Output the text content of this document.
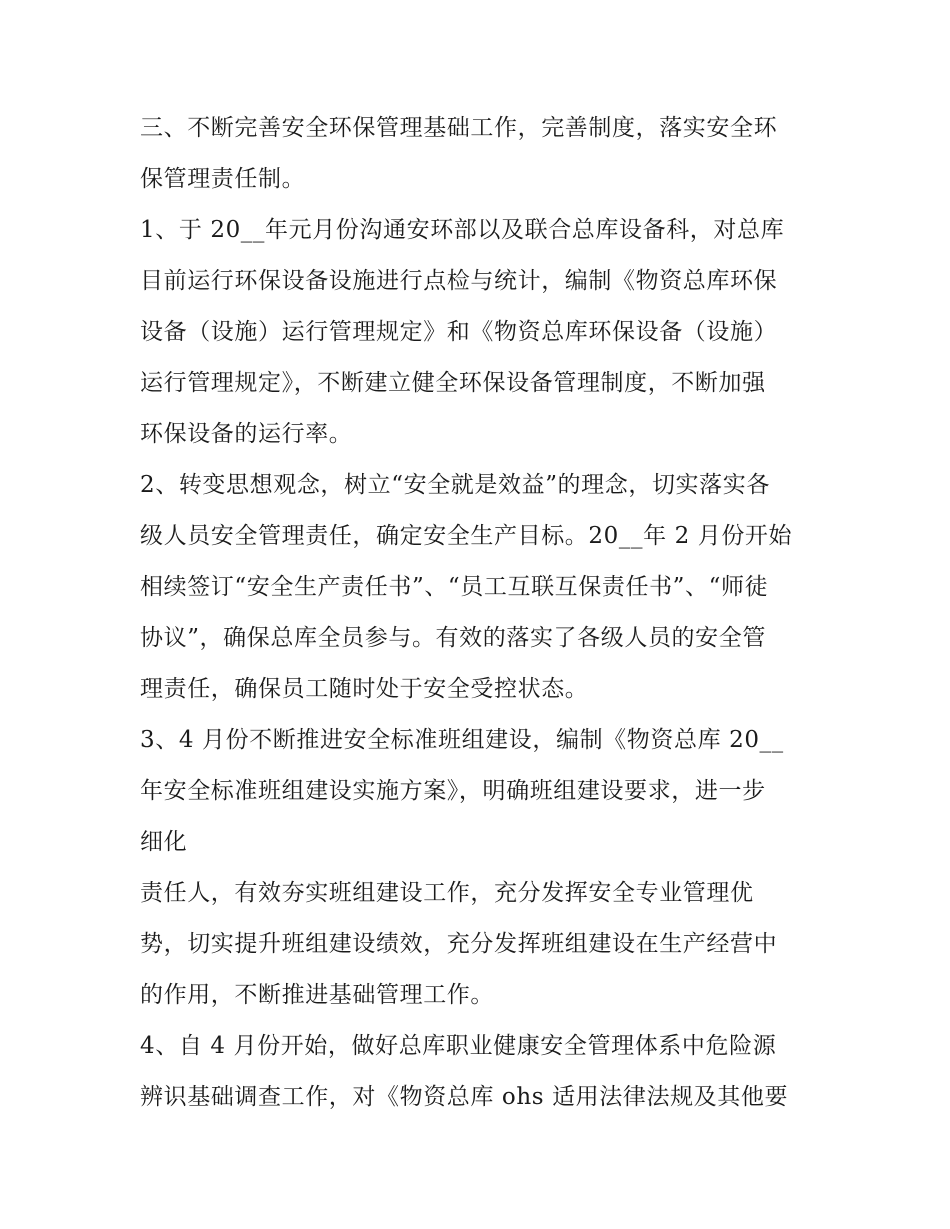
三、不断完善安全环保管理基础工作，完善制度，落实安全环

保管理责任制。

1、于 20__年元月份沟通安环部以及联合总库设备科，对总库

目前运行环保设备设施进行点检与统计，编制《物资总库环保

设备（设施）运行管理规定》和《物资总库环保设备（设施）

运行管理规定》，不断建立健全环保设备管理制度，不断加强

环保设备的运行率。

2、转变思想观念，树立“安全就是效益”的理念，切实落实各

级人员安全管理责任，确定安全生产目标。20__年 2 月份开始

相续签订“安全生产责任书”、“员工互联互保责任书”、“师徒

协议”，确保总库全员参与。有效的落实了各级人员的安全管

理责任，确保员工随时处于安全受控状态。

3、4 月份不断推进安全标准班组建设，编制《物资总库 20__

年安全标准班组建设实施方案》，明确班组建设要求，进一步

细化

责任人，有效夯实班组建设工作，充分发挥安全专业管理优

势，切实提升班组建设绩效，充分发挥班组建设在生产经营中

的作用，不断推进基础管理工作。

4、自 4 月份开始，做好总库职业健康安全管理体系中危险源

辨识基础调查工作，对《物资总库 ohs 适用法律法规及其他要
